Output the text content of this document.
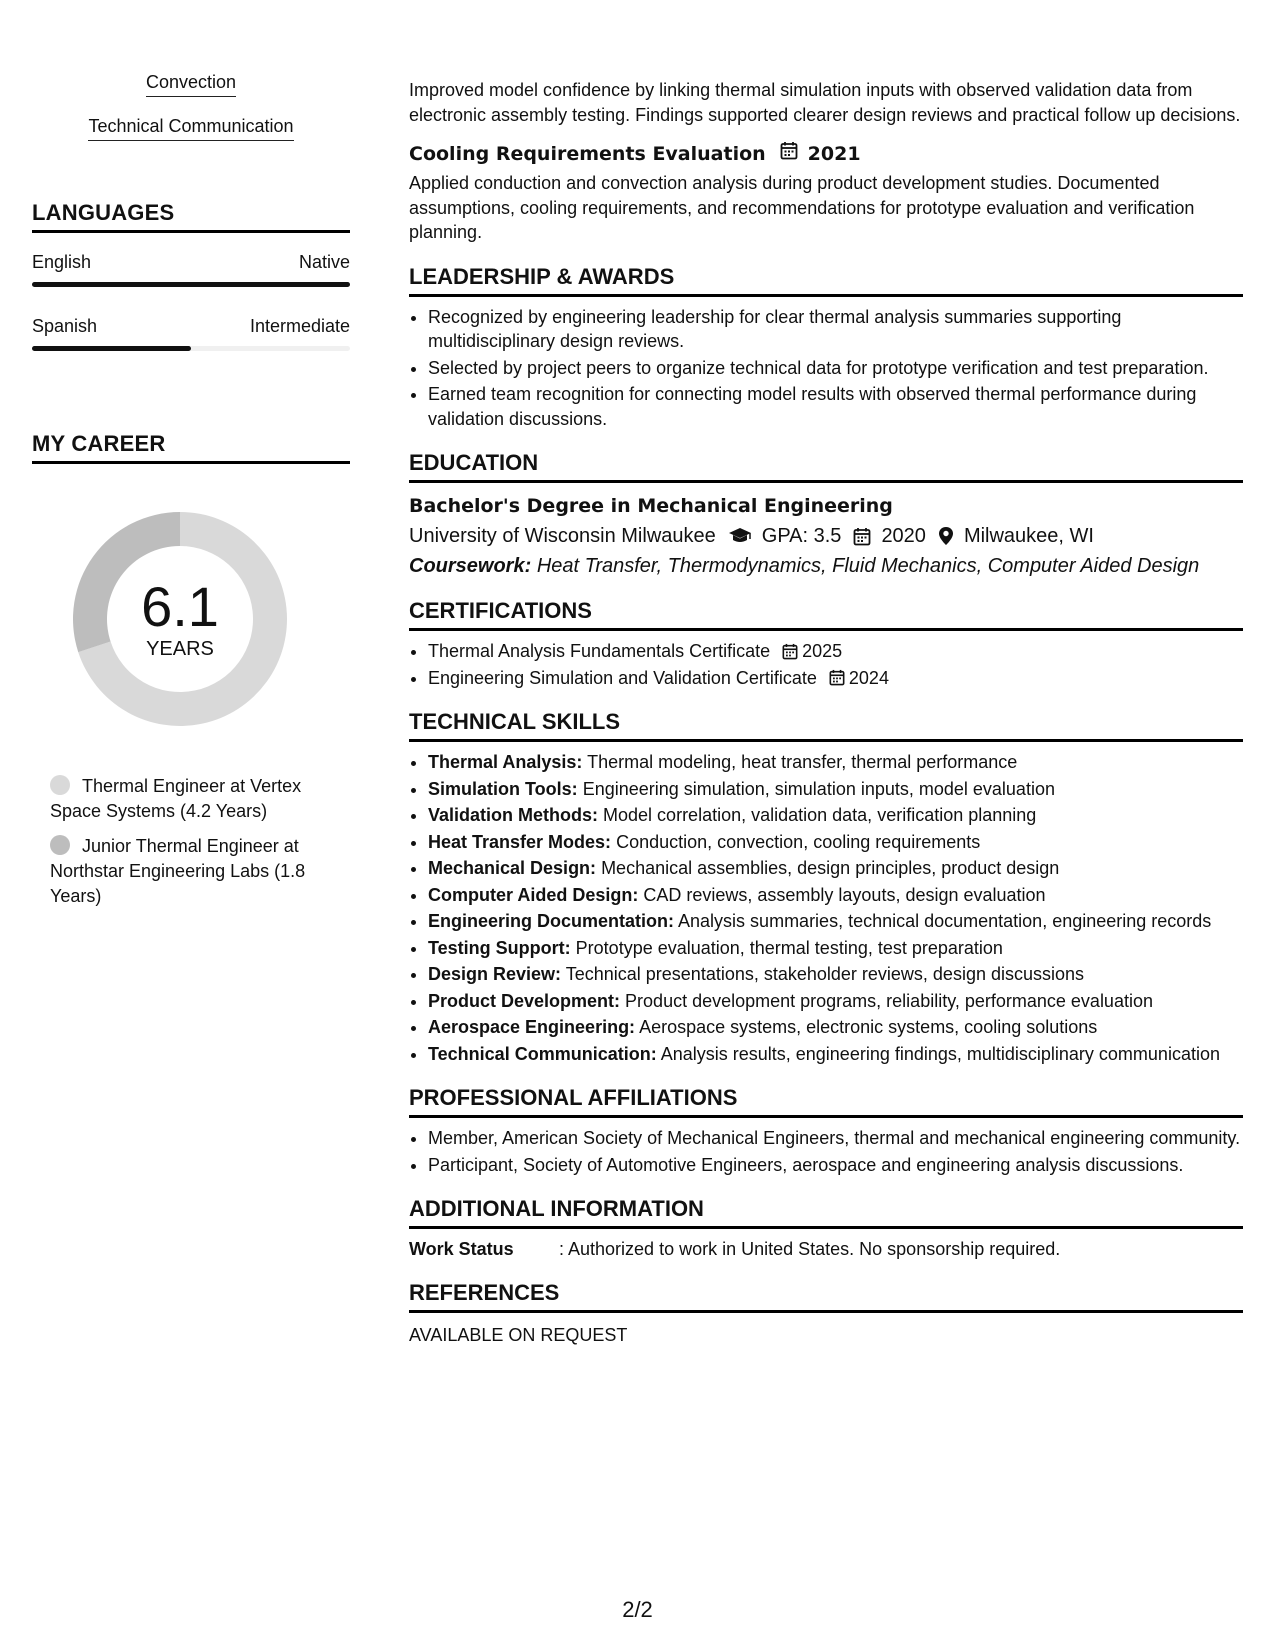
Convection
Technical Communication
LANGUAGES
English	Native
Spanish	Intermediate
MY CAREER
6.1
YEARS
Thermal Engineer at Vertex Space Systems (4.2 Years)
Junior Thermal Engineer at Northstar Engineering Labs (1.8 Years)

Improved model confidence by linking thermal simulation inputs with observed validation data from electronic assembly testing. Findings supported clearer design reviews and practical follow up decisions.

Cooling Requirements Evaluation 2021

Applied conduction and convection analysis during product development studies. Documented assumptions, cooling requirements, and recommendations for prototype evaluation and verification planning.

LEADERSHIP & AWARDS
• Recognized by engineering leadership for clear thermal analysis summaries supporting multidisciplinary design reviews.
• Selected by project peers to organize technical data for prototype verification and test preparation.
• Earned team recognition for connecting model results with observed thermal performance during validation discussions.
EDUCATION
Bachelor's Degree in Mechanical Engineering
University of Wisconsin Milwaukee GPA: 3.5 2020 Milwaukee, WI
Coursework: Heat Transfer, Thermodynamics, Fluid Mechanics, Computer Aided Design
CERTIFICATIONS
• Thermal Analysis Fundamentals Certificate 2025
• Engineering Simulation and Validation Certificate 2024
TECHNICAL SKILLS
• Thermal Analysis: Thermal modeling, heat transfer, thermal performance
• Simulation Tools: Engineering simulation, simulation inputs, model evaluation
• Validation Methods: Model correlation, validation data, verification planning
• Heat Transfer Modes: Conduction, convection, cooling requirements
• Mechanical Design: Mechanical assemblies, design principles, product design
• Computer Aided Design: CAD reviews, assembly layouts, design evaluation
• Engineering Documentation: Analysis summaries, technical documentation, engineering records
• Testing Support: Prototype evaluation, thermal testing, test preparation
• Design Review: Technical presentations, stakeholder reviews, design discussions
• Product Development: Product development programs, reliability, performance evaluation
• Aerospace Engineering: Aerospace systems, electronic systems, cooling solutions
• Technical Communication: Analysis results, engineering findings, multidisciplinary communication
PROFESSIONAL AFFILIATIONS
• Member, American Society of Mechanical Engineers, thermal and mechanical engineering community.
• Participant, Society of Automotive Engineers, aerospace and engineering analysis discussions.
ADDITIONAL INFORMATION
Work Status	: Authorized to work in United States. No sponsorship required.
REFERENCES
AVAILABLE ON REQUEST
2/2
